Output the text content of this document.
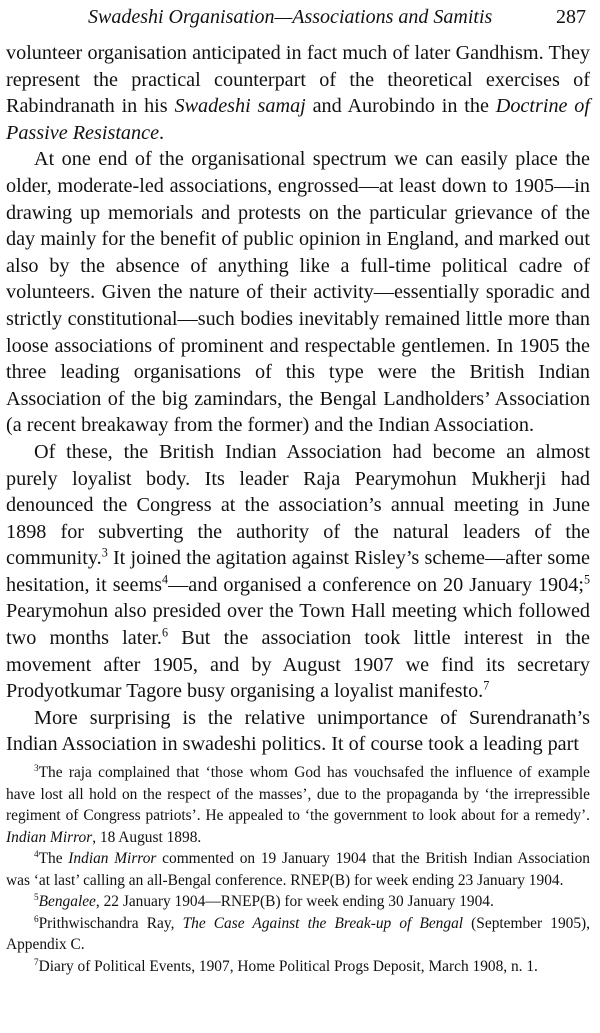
Swadeshi Organisation—Associations and Samitis	287

volunteer organisation anticipated in fact much of later Gandhism. They represent the practical counterpart of the theoretical exercises of Rabindranath in his Swadeshi samaj and Aurobindo in the Doctrine of Passive Resistance.

At one end of the organisational spectrum we can easily place the older, moderate-led associations, engrossed—at least down to 1905—in drawing up memorials and protests on the particular grievance of the day mainly for the benefit of public opinion in England, and marked out also by the absence of anything like a full-time political cadre of volunteers. Given the nature of their activity—essentially sporadic and strictly constitutional—such bodies inevitably remained little more than loose associations of prominent and respectable gentlemen. In 1905 the three leading organisations of this type were the British Indian Association of the big zamindars, the Bengal Landholders’ Association (a recent breakaway from the former) and the Indian Association.

Of these, the British Indian Association had become an almost purely loyalist body. Its leader Raja Pearymohun Mukherji had denounced the Congress at the association’s annual meeting in June 1898 for subverting the authority of the natural leaders of the community.$^3$ It joined the agitation against Risley’s scheme—after some hesitation, it seems$^4$—and organised a conference on 20 January 1904;$^5$ Pearymohun also presided over the Town Hall meeting which followed two months later.$^6$ But the association took little interest in the movement after 1905, and by August 1907 we find its secretary Prodyotkumar Tagore busy organising a loyalist manifesto.$^7$

More surprising is the relative unimportance of Surendranath’s Indian Association in swadeshi politics. It of course took a leading part

$^3$The raja complained that ‘those whom God has vouchsafed the influence of example have lost all hold on the respect of the masses’, due to the propaganda by ‘the irrepressible regiment of Congress patriots’. He appealed to ‘the government to look about for a remedy’. Indian Mirror, 18 August 1898.

$^4$The Indian Mirror commented on 19 January 1904 that the British Indian Association was ‘at last’ calling an all-Bengal conference. RNEP(B) for week ending 23 January 1904.

$^5$Bengalee, 22 January 1904—RNEP(B) for week ending 30 January 1904.

$^6$Prithwischandra Ray, The Case Against the Break-up of Bengal (September 1905), Appendix C.

$^7$Diary of Political Events, 1907, Home Political Progs Deposit, March 1908, n. 1.
